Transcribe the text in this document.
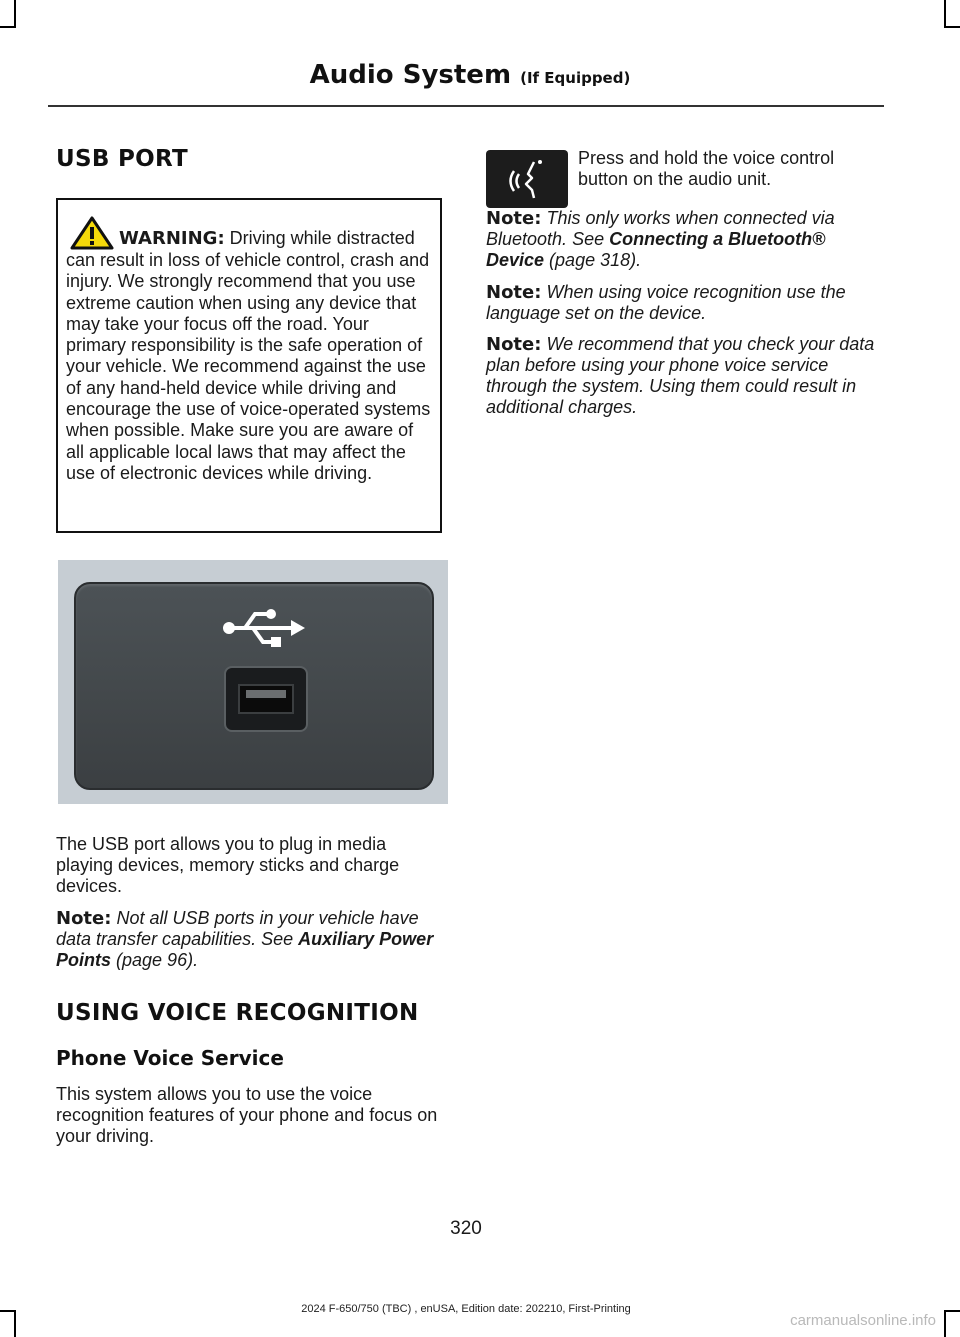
Audio System (If Equipped)
USB PORT

WARNING: Driving while distracted can result in loss of vehicle control, crash and injury. We strongly recommend that you use extreme caution when using any device that may take your focus off the road. Your primary responsibility is the safe operation of your vehicle. We recommend against the use of any hand-held device while driving and encourage the use of voice-operated systems when possible. Make sure you are aware of all applicable local laws that may affect the use of electronic devices while driving.

The USB port allows you to plug in media playing devices, memory sticks and charge devices.

Note: Not all USB ports in your vehicle have data transfer capabilities. See Auxiliary Power Points (page 96).

USING VOICE RECOGNITION
Phone Voice Service

This system allows you to use the voice recognition features of your phone and focus on your driving.

Press and hold the voice control button on the audio unit.

Note: This only works when connected via Bluetooth. See Connecting a Bluetooth® Device (page 318).

Note: When using voice recognition use the language set on the device.

Note: We recommend that you check your data plan before using your phone voice service through the system. Using them could result in additional charges.

320
2024 F-650/750 (TBC) , enUSA, Edition date: 202210, First-Printing
carmanualsonline.info
